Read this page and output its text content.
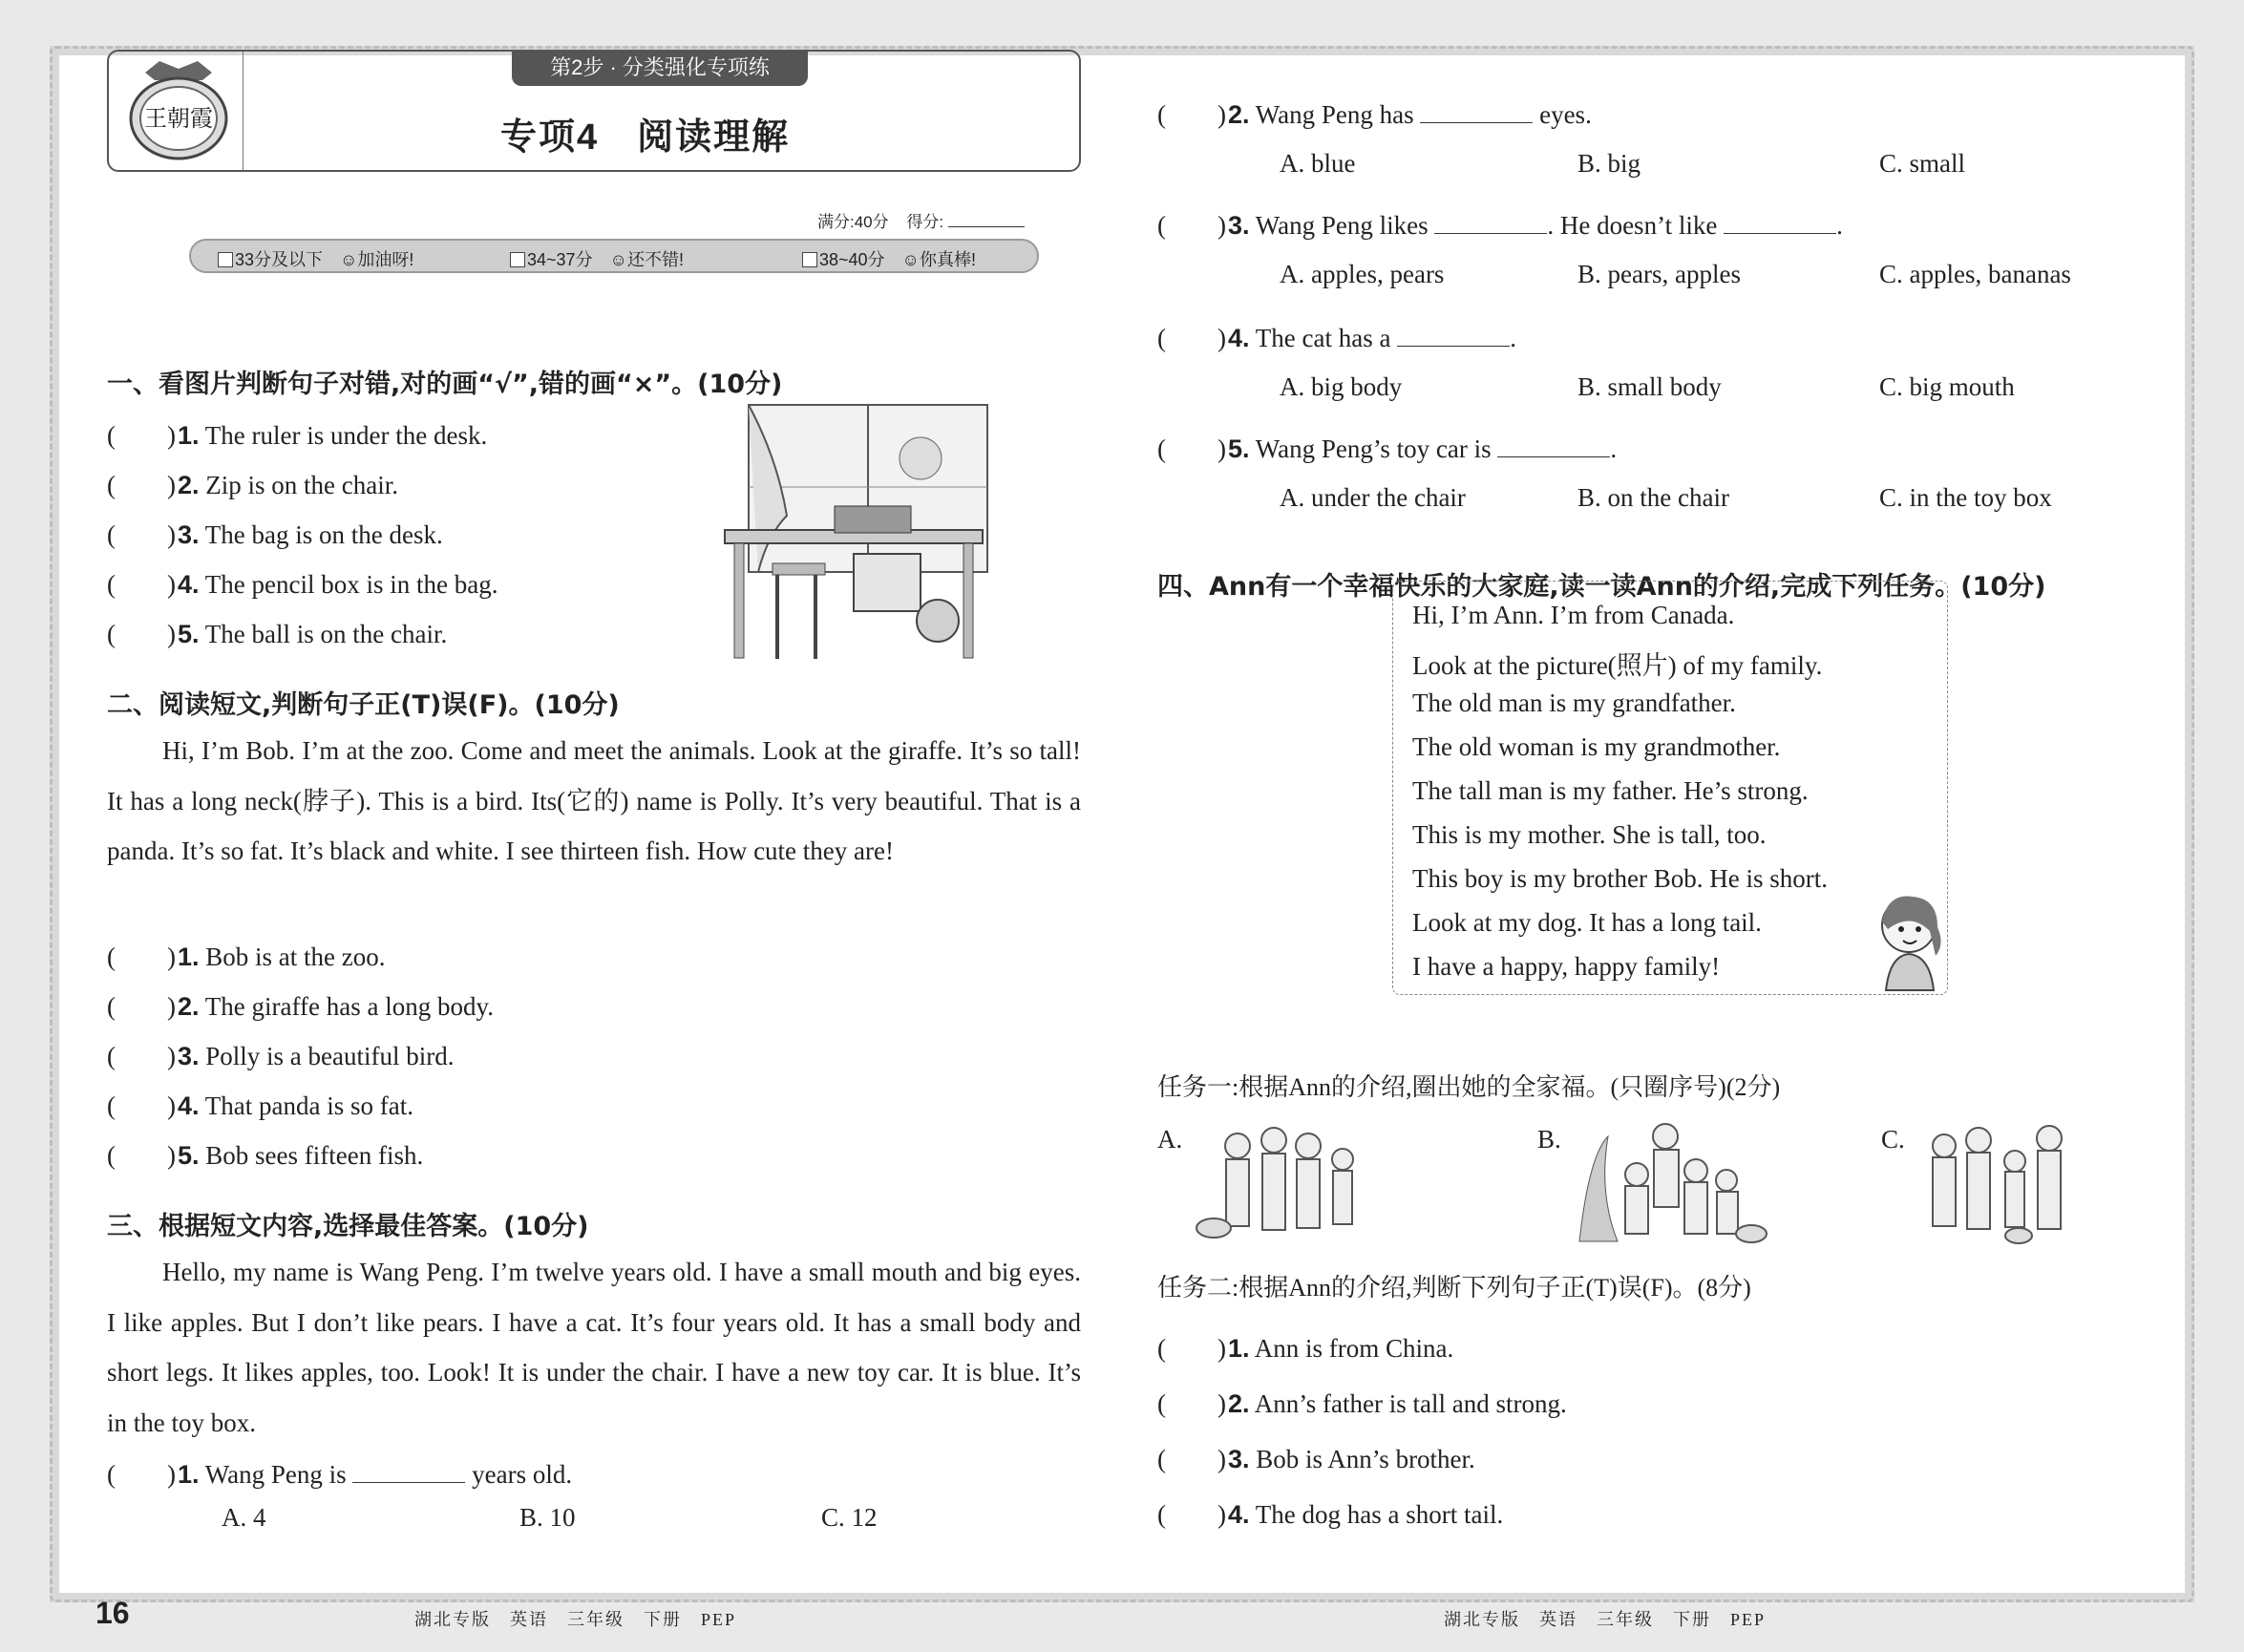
王朝霞
第2步 · 分类强化专项练
专项4　阅读理解
满分:40分 得分:
33分及以下　☺加油呀!	34~37分　☺还不错!	38~40分　☺你真棒!
一、看图片判断句子对错,对的画“√”,错的画“×”。(10分)
(　　)1. The ruler is under the desk.
(　　)2. Zip is on the chair.
(　　)3. The bag is on the desk.
(　　)4. The pencil box is in the bag.
(　　)5. The ball is on the chair.
二、阅读短文,判断句子正(T)误(F)。(10分)
Hi, I’m Bob. I’m at the zoo. Come and meet the animals. Look at the giraffe. It’s so tall! It has a long neck(脖子). This is a bird. Its(它的) name is Polly. It’s very beautiful. That is a panda. It’s so fat. It’s black and white. I see thirteen fish. How cute they are!
(　　)1. Bob is at the zoo.
(　　)2. The giraffe has a long body.
(　　)3. Polly is a beautiful bird.
(　　)4. That panda is so fat.
(　　)5. Bob sees fifteen fish.
三、根据短文内容,选择最佳答案。(10分)
Hello, my name is Wang Peng. I’m twelve years old. I have a small mouth and big eyes. I like apples. But I don’t like pears. I have a cat. It’s four years old. It has a small body and short legs. It likes apples, too. Look! It is under the chair. I have a new toy car. It is blue. It’s in the toy box.
(　　)1. Wang Peng is	years old.
A. 4	B. 10	C. 12
16	湖北专版　英语　三年级　下册　PEP
(　　)2. Wang Peng has	eyes.
A. blue	B. big	C. small
(　　)3. Wang Peng likes	. He doesn’t like	.
A. apples, pears	B. pears, apples	C. apples, bananas
(　　)4. The cat has a	.
A. big body	B. small body	C. big mouth
(　　)5. Wang Peng’s toy car is	.
A. under the chair	B. on the chair	C. in the toy box
四、Ann有一个幸福快乐的大家庭,读一读Ann的介绍,完成下列任务。(10分)
Hi, I’m Ann. I’m from Canada.
Look at the picture(照片) of my family.
The old man is my grandfather.
The old woman is my grandmother.
The tall man is my father. He’s strong.
This is my mother. She is tall, too.
This boy is my brother Bob. He is short.
Look at my dog. It has a long tail.
I have a happy, happy family!
任务一:根据Ann的介绍,圈出她的全家福。(只圈序号)(2分)
A.	B.	C.
任务二:根据Ann的介绍,判断下列句子正(T)误(F)。(8分)
(　　)1. Ann is from China.
(　　)2. Ann’s father is tall and strong.
(　　)3. Bob is Ann’s brother.
(　　)4. The dog has a short tail.
湖北专版　英语　三年级　下册　PEP
